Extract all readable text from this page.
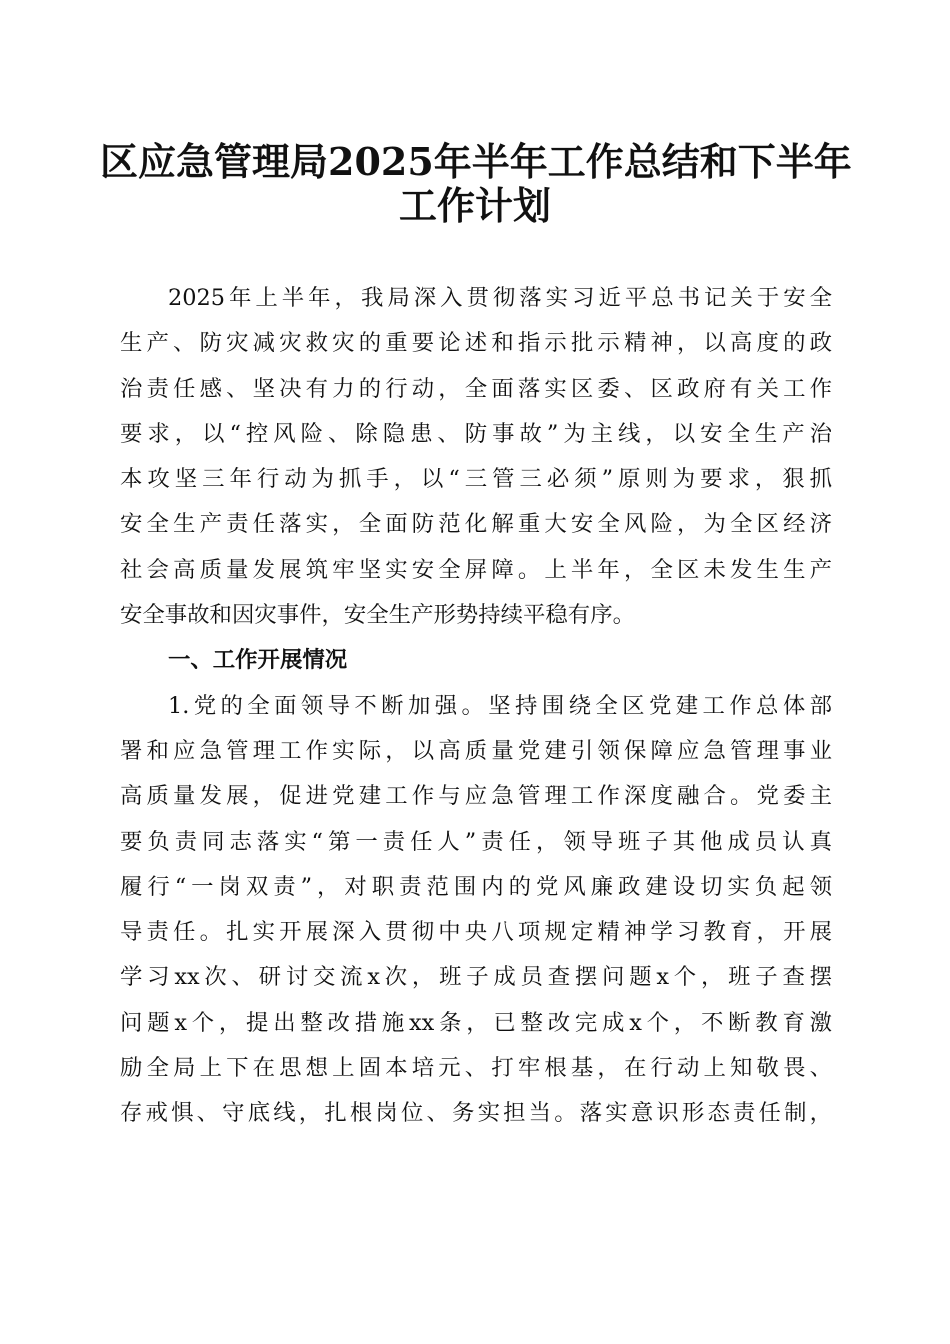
区应急管理局2025年半年工作总结和下半年
工作计划
2025年上半年，我局深入贯彻落实习近平总书记关于安全
生产、防灾减灾救灾的重要论述和指示批示精神，以高度的政
治责任感、坚决有力的行动，全面落实区委、区政府有关工作
要求，以“控风险、除隐患、防事故”为主线，以安全生产治
本攻坚三年行动为抓手，以“三管三必须”原则为要求，狠抓
安全生产责任落实，全面防范化解重大安全风险，为全区经济
社会高质量发展筑牢坚实安全屏障。上半年，全区未发生生产
安全事故和因灾事件，安全生产形势持续平稳有序。
一、工作开展情况
1.党的全面领导不断加强。坚持围绕全区党建工作总体部
署和应急管理工作实际，以高质量党建引领保障应急管理事业
高质量发展，促进党建工作与应急管理工作深度融合。党委主
要负责同志落实“第一责任人”责任，领导班子其他成员认真
履行“一岗双责”，对职责范围内的党风廉政建设切实负起领
导责任。扎实开展深入贯彻中央八项规定精神学习教育，开展
学习xx次、研讨交流x次，班子成员查摆问题x个，班子查摆
问题x个，提出整改措施xx条，已整改完成x个，不断教育激
励全局上下在思想上固本培元、打牢根基，在行动上知敬畏、
存戒惧、守底线，扎根岗位、务实担当。落实意识形态责任制，
